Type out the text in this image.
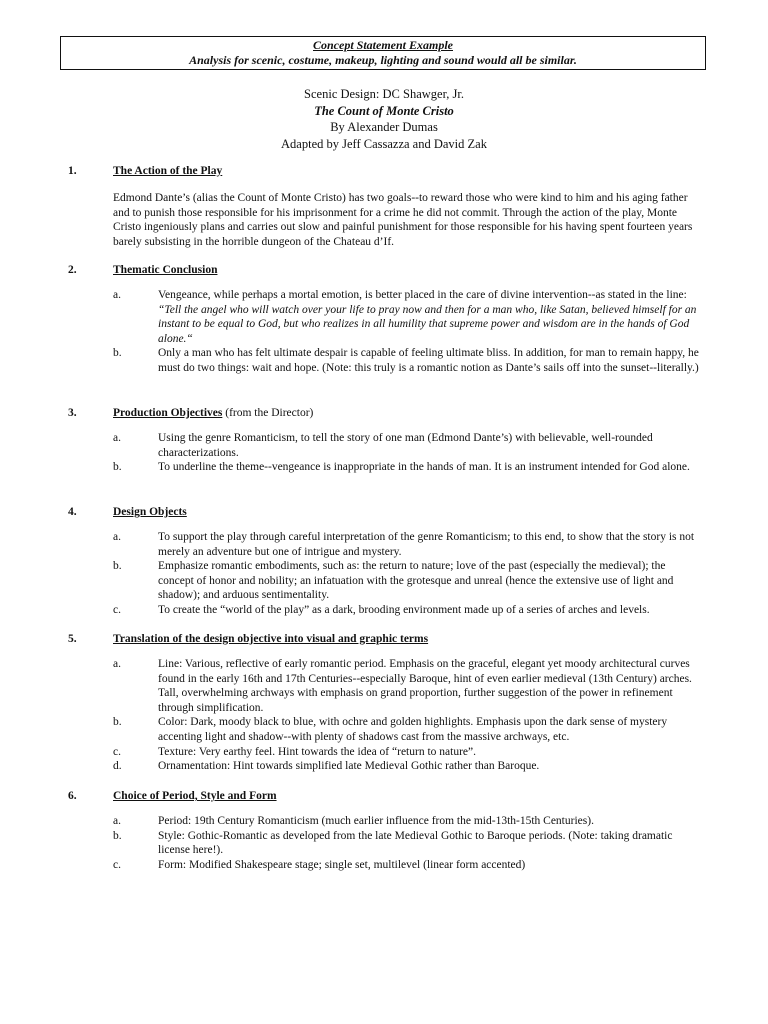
Concept Statement Example
Analysis for scenic, costume, makeup, lighting and sound would all be similar.
Scenic Design: DC Shawger, Jr.
The Count of Monte Cristo
By Alexander Dumas
Adapted by Jeff Cassazza and David Zak
1.	The Action of the Play
Edmond Dante’s (alias the Count of Monte Cristo) has two goals--to reward those who were kind to him and his aging father and to punish those responsible for his imprisonment for a crime he did not commit. Through the action of the play, Monte Cristo ingeniously plans and carries out slow and painful punishment for those responsible for his having spent fourteen years barely subsisting in the horrible dungeon of the Chateau d’If.
2.	Thematic Conclusion
a.	Vengeance, while perhaps a mortal emotion, is better placed in the care of divine intervention--as stated in the line: “Tell the angel who will watch over your life to pray now and then for a man who, like Satan, believed himself for an instant to be equal to God, but who realizes in all humility that supreme power and wisdom are in the hands of God alone.“
b.	Only a man who has felt ultimate despair is capable of feeling ultimate bliss. In addition, for man to remain happy, he must do two things: wait and hope. (Note: this truly is a romantic notion as Dante’s sails off into the sunset--literally.)
3.	Production Objectives (from the Director)
a.	Using the genre Romanticism, to tell the story of one man (Edmond Dante’s) with believable, well-rounded characterizations.
b.	To underline the theme--vengeance is inappropriate in the hands of man. It is an instrument intended for God alone.
4.	Design Objects
a.	To support the play through careful interpretation of the genre Romanticism; to this end, to show that the story is not merely an adventure but one of intrigue and mystery.
b.	Emphasize romantic embodiments, such as: the return to nature; love of the past (especially the medieval); the concept of honor and nobility; an infatuation with the grotesque and unreal (hence the extensive use of light and shadow); and arduous sentimentality.
c.	To create the “world of the play” as a dark, brooding environment made up of a series of arches and levels.
5.	Translation of the design objective into visual and graphic terms
a.	Line: Various, reflective of early romantic period. Emphasis on the graceful, elegant yet moody architectural curves found in the early 16th and 17th Centuries--especially Baroque, hint of even earlier medieval (13th Century) arches. Tall, overwhelming archways with emphasis on grand proportion, further suggestion of the power in refinement through simplification.
b.	Color: Dark, moody black to blue, with ochre and golden highlights. Emphasis upon the dark sense of mystery accenting light and shadow--with plenty of shadows cast from the massive archways, etc.
c.	Texture: Very earthy feel. Hint towards the idea of “return to nature”.
d.	Ornamentation: Hint towards simplified late Medieval Gothic rather than Baroque.
6.	Choice of Period, Style and Form
a.	Period: 19th Century Romanticism (much earlier influence from the mid-13th-15th Centuries).
b.	Style: Gothic-Romantic as developed from the late Medieval Gothic to Baroque periods. (Note: taking dramatic license here!).
c.	Form: Modified Shakespeare stage; single set, multilevel (linear form accented)
